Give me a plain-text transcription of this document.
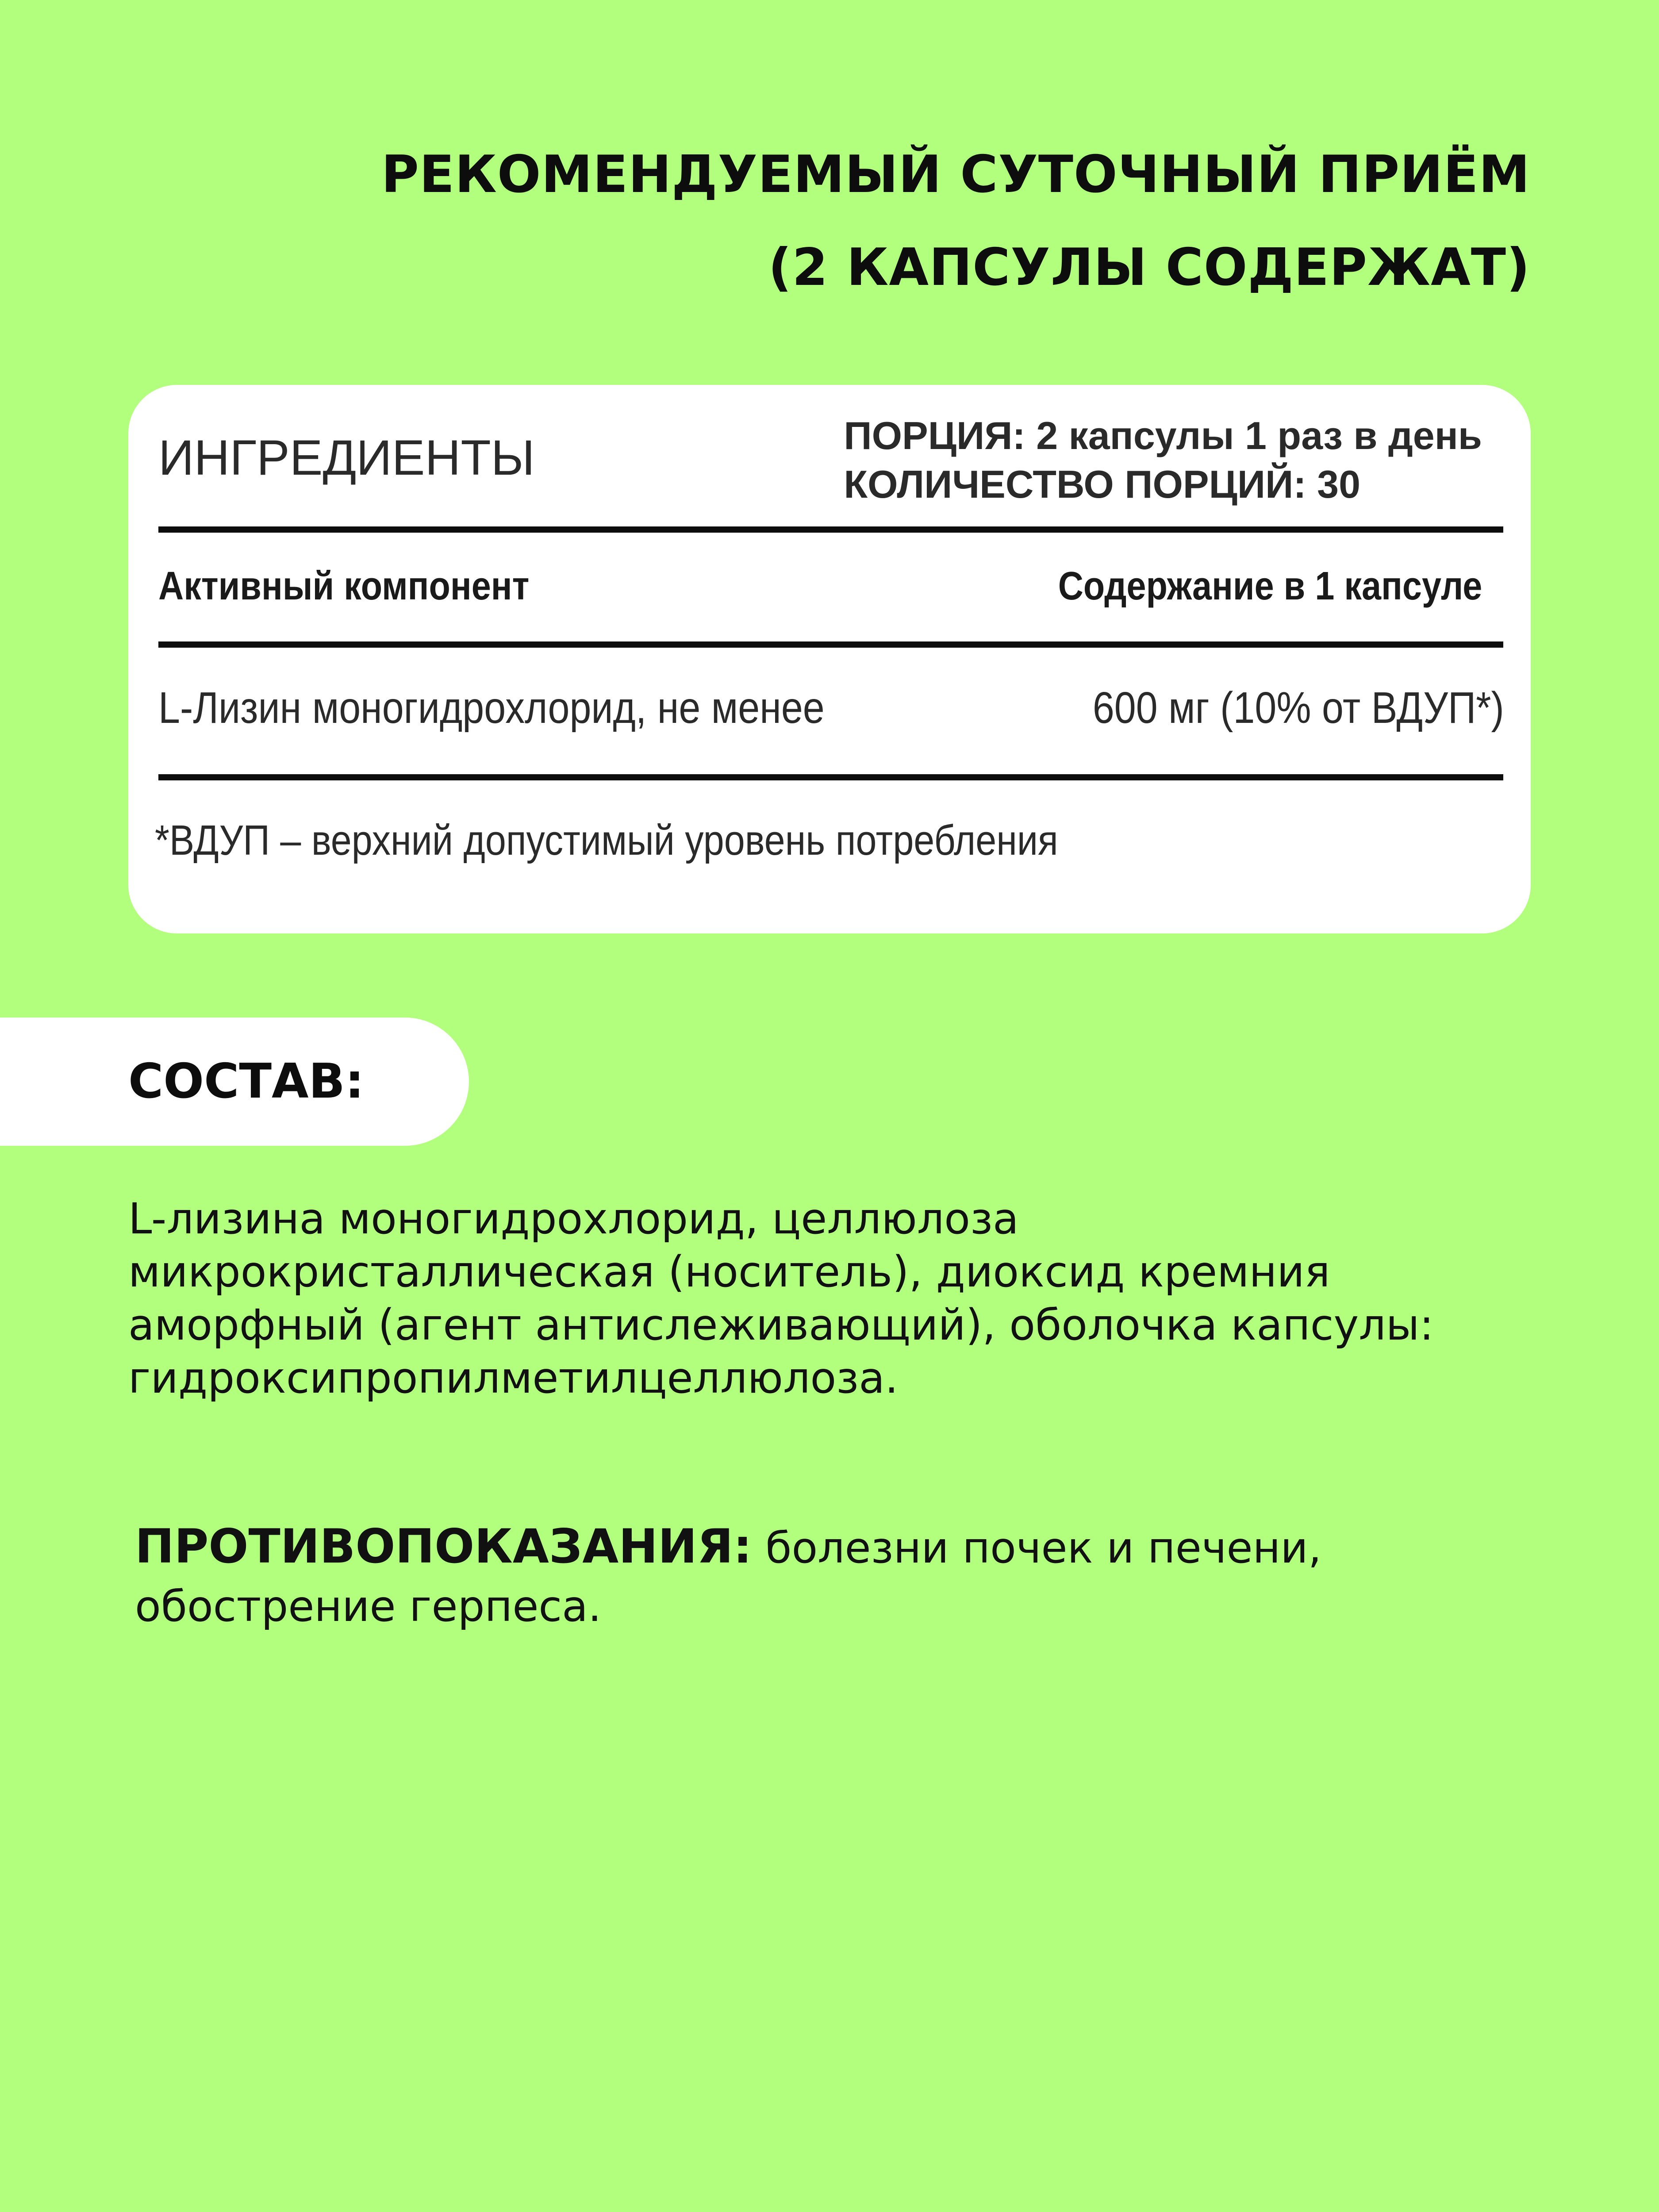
РЕКОМЕНДУЕМЫЙ СУТОЧНЫЙ ПРИЁМ
(2 КАПСУЛЫ СОДЕРЖАТ)
ИНГРЕДИЕНТЫ	ПОРЦИЯ: 2 капсулы 1 раз в день
КОЛИЧЕСТВО ПОРЦИЙ: 30
Активный компонент	Содержание в 1 капсуле
L-Лизин моногидрохлорид, не менее	600 мг (10% от ВДУП*)
*ВДУП – верхний допустимый уровень потребления
СОСТАВ:
L-лизина моногидрохлорид, целлюлоза
микрокристаллическая (носитель), диоксид кремния
аморфный (агент антислеживающий), оболочка капсулы:
гидроксипропилметилцеллюлоза.
ПРОТИВОПОКАЗАНИЯ: болезни почек и печени,
обострение герпеса.
